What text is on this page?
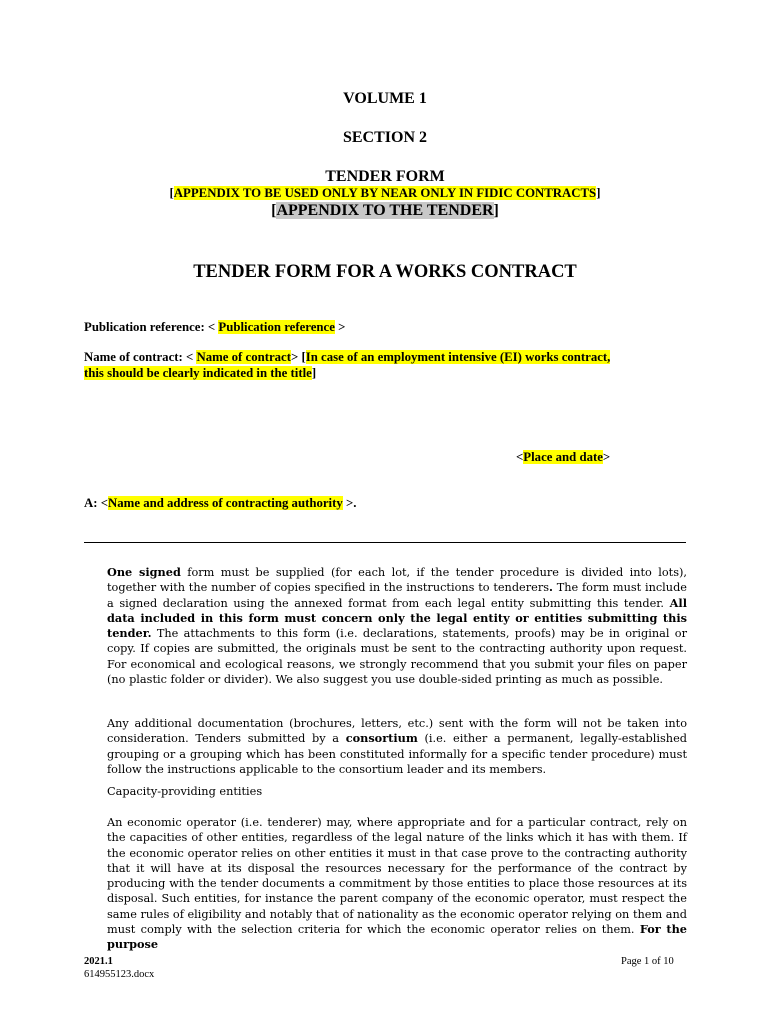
VOLUME 1
SECTION 2
TENDER FORM
[APPENDIX TO BE USED ONLY BY NEAR ONLY IN FIDIC CONTRACTS]
[APPENDIX TO THE TENDER]
TENDER FORM FOR A WORKS CONTRACT
Publication reference: < Publication reference >
Name of contract: < Name of contract> [In case of an employment intensive (EI) works contract,
this should be clearly indicated in the title]
<Place and date>
A: <Name and address of contracting authority >.

One signed form must be supplied (for each lot, if the tender procedure is divided into lots), together with the number of copies specified in the instructions to tenderers. The form must include a signed declaration using the annexed format from each legal entity submitting this tender. All data included in this form must concern only the legal entity or entities submitting this tender. The attachments to this form (i.e. declarations, statements, proofs) may be in original or copy. If copies are submitted, the originals must be sent to the contracting authority upon request. For economical and ecological reasons, we strongly recommend that you submit your files on paper (no plastic folder or divider). We also suggest you use double-sided printing as much as possible.

Any additional documentation (brochures, letters, etc.) sent with the form will not be taken into consideration. Tenders submitted by a consortium (i.e. either a permanent, legally-established grouping or a grouping which has been constituted informally for a specific tender procedure) must follow the instructions applicable to the consortium leader and its members.

Capacity-providing entities

An economic operator (i.e. tenderer) may, where appropriate and for a particular contract, rely on the capacities of other entities, regardless of the legal nature of the links which it has with them. If the economic operator relies on other entities it must in that case prove to the contracting authority that it will have at its disposal the resources necessary for the performance of the contract by producing with the tender documents a commitment by those entities to place those resources at its disposal. Such entities, for instance the parent company of the economic operator, must respect the same rules of eligibility and notably that of nationality as the economic operator relying on them and must comply with the selection criteria for which the economic operator relies on them. For the purpose

2021.1
614955123.docx
Page 1 of 10
